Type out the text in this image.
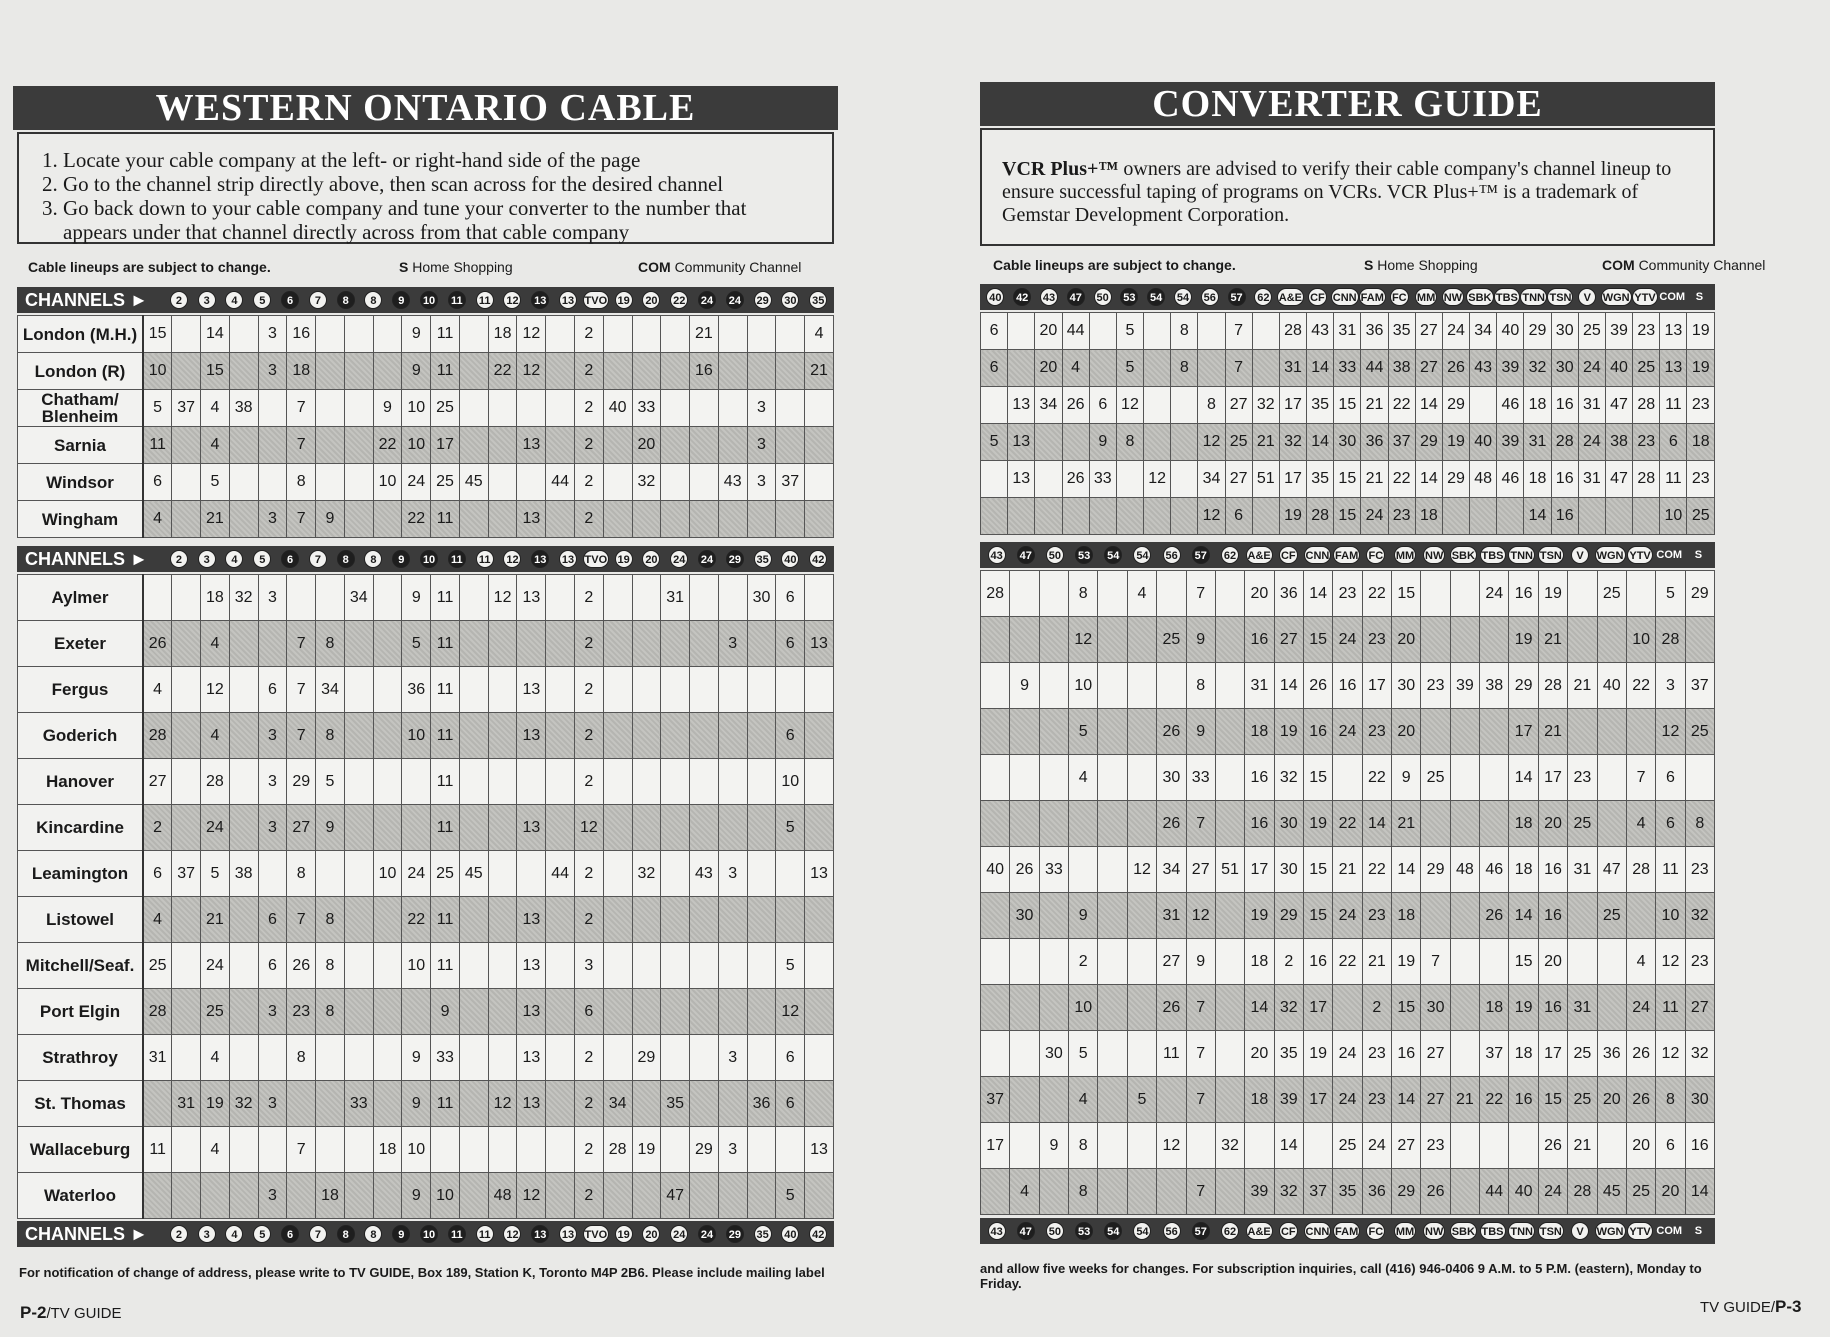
WESTERN ONTARIO CABLE
1. Locate your cable company at the left- or right-hand side of the page
2. Go to the channel strip directly above, then scan across for the desired channel
3. Go back down to your cable company and tune your converter to the number that appears under that channel directly across from that cable company
Cable lineups are subject to change.	S Home Shopping	COM Community Channel
CHANNELS ►	2	3	4	5	6	7	8	8	9	10 11 11 12 13 13 TVO 19 20 22 24 24 29 30 35
London (M.H.)	15		14		3	16				9	11		18	12		2				21				4
London (R)	10		15		3	18				9	11		22	12		2				16				21
Chatham/ Blenheim	5	37	4	38		7			9	10	25					2	40	33				3		
Sarnia	11		4			7			22	10	17			13		2		20				3		
Windsor	6		5			8			10	24	25	45			44	2		32			43	3	37	
Wingham	4		21		3	7	9			22	11			13		2								
CHANNELS ►	2	3	4	5	6	7	8	8	9	10 11 11 12 13 13 TVO 19 20 24 24 29 35 40 42
Aylmer			18	32	3			34		9	11		12	13		2			31			30	6	
Exeter	26		4			7	8			5	11					2					3		6	13
Fergus	4		12		6	7	34			36	11			13		2								
Goderich	28		4		3	7	8			10	11			13		2							6	
Hanover	27		28		3	29	5				11					2							10	
Kincardine	2		24		3	27	9				11			13		12							5	
Leamington	6	37	5	38		8			10	24	25	45			44	2		32		43	3			13
Listowel	4		21		6	7	8			22	11			13		2								
Mitchell/Seaf.	25		24		6	26	8			10	11			13		3							5	
Port Elgin	28		25		3	23	8				9			13		6							12	
Strathroy	31		4			8				9	33			13		2		29			3		6	
St. Thomas		31	19	32	3			33		9	11		12	13		2	34		35			36	6	
Wallaceburg	11		4			7			18	10						2	28	19		29	3			13
Waterloo					3		18			9	10		48	12		2			47				5	
CHANNELS ►	2	3	4	5	6	7	8	8	9	10 11 11 12 13 13 TVO 19 20 24 24 29 35 40 42
For notification of change of address, please write to TV GUIDE, Box 189, Station K, Toronto M4P 2B6. Please include mailing label
P-2/TV GUIDE
CONVERTER GUIDE
VCR Plus+™ owners are advised to verify their cable company's channel lineup to ensure successful taping of programs on VCRs. VCR Plus+™ is a trademark of Gemstar Development Corporation.
Cable lineups are subject to change.	S Home Shopping	COM Community Channel
40 42 43 47 50 53 54 54 56 57 62 A&E CF CNN FAM FC MM NW SBK TBS TNN TSN	V	WGN YTV COM S
6		20	44		5		8		7		28	43	31	36	35	27	24	34	40	29	30	25	39	23	13	19
6		20	4		5		8		7		31	14	33	44	38	27	26	43	39	32	30	24	40	25	13	19
	13	34	26	6	12			8	27	32	17	35	15	21	22	14	29		46	18	16	31	47	28	11	23
5	13			9	8			12	25	21	32	14	30	36	37	29	19	40	39	31	28	24	38	23	6	18
	13		26	33		12		34	27	51	17	35	15	21	22	14	29	48	46	18	16	31	47	28	11	23
								12	6		19	28	15	24	23	18				14	16				10	25
43 47 50 53 54 54 56 57 62 A&E CF CNN FAM FC MM NW SBK TBS TNN TSN	V	WGN YTV COM	S
28			8		4		7		20	36	14	23	22	15			24	16	19		25		5	29
			12			25	9		16	27	15	24	23	20				19	21			10	28	
	9		10				8		31	14	26	16	17	30	23	39	38	29	28	21	40	22	3	37
			5			26	9		18	19	16	24	23	20				17	21				12	25
			4			30	33		16	32	15		22	9	25			14	17	23		7	6	
						26	7		16	30	19	22	14	21				18	20	25		4	6	8
40	26	33			12	34	27	51	17	30	15	21	22	14	29	48	46	18	16	31	47	28	11	23
	30		9			31	12		19	29	15	24	23	18			26	14	16		25		10	32
			2			27	9		18	2	16	22	21	19	7			15	20			4	12	23
			10			26	7		14	32	17		2	15	30		18	19	16	31		24	11	27
		30	5			11	7		20	35	19	24	23	16	27		37	18	17	25	36	26	12	32
37			4		5		7		18	39	17	24	23	14	27	21	22	16	15	25	20	26	8	30
17		9	8			12		32		14		25	24	27	23				26	21		20	6	16
	4		8				7		39	32	37	35	36	29	26		44	40	24	28	45	25	20	14
43 47 50 53 54 54 56 57 62 A&E CF CNN FAM FC MM NW SBK TBS TNN TSN	V	WGN YTV COM	S
and allow five weeks for changes. For subscription inquiries, call (416) 946-0406 9 A.M. to 5 P.M. (eastern), Monday to Friday.
TV GUIDE/P-3
